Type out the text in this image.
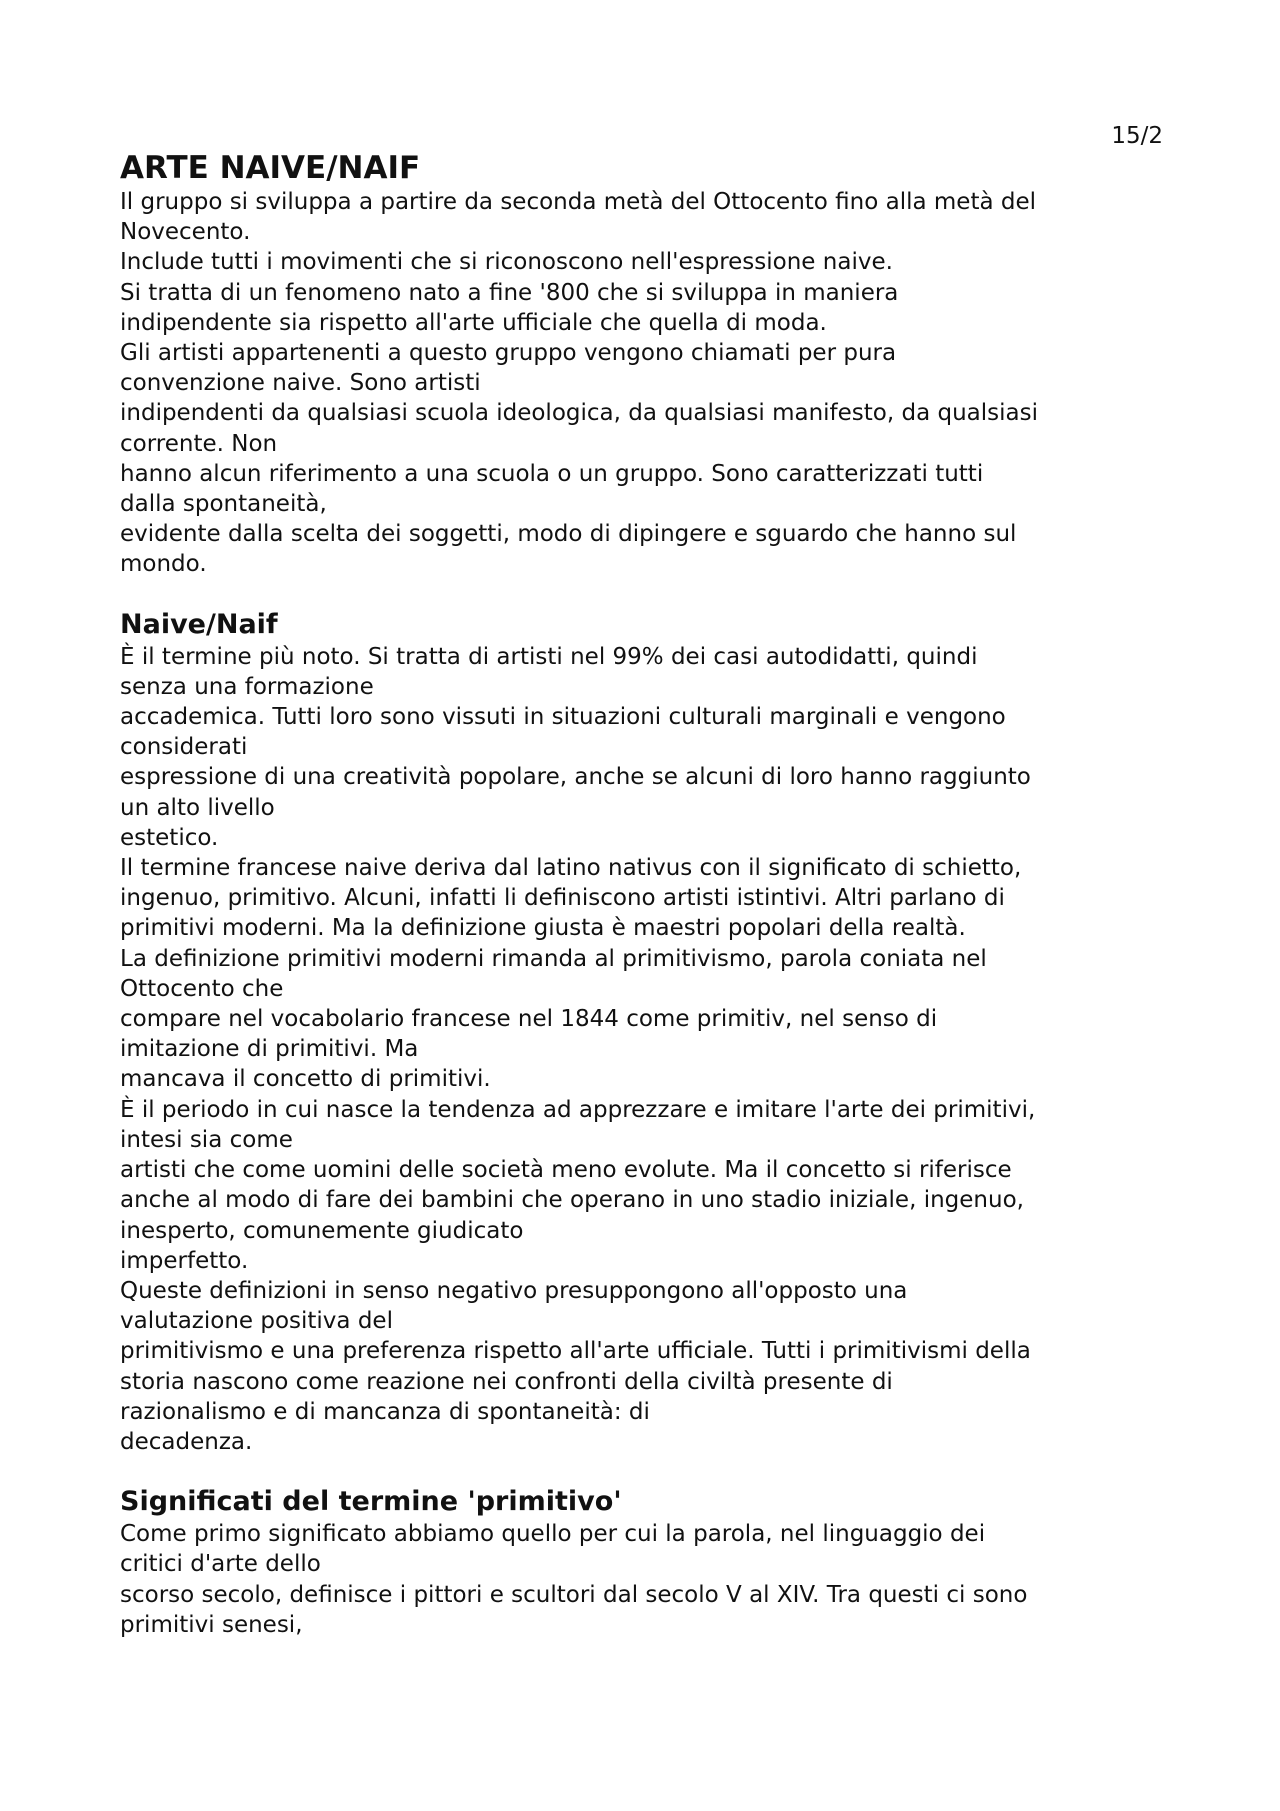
15/2

ARTE NAIVE/NAIF
Il gruppo si sviluppa a partire da seconda metà del Ottocento fino alla metà del
Novecento.
Include tutti i movimenti che si riconoscono nell'espressione naive.
Si tratta di un fenomeno nato a fine '800 che si sviluppa in maniera
indipendente sia rispetto all'arte ufficiale che quella di moda.
Gli artisti appartenenti a questo gruppo vengono chiamati per pura
convenzione naive. Sono artisti
indipendenti da qualsiasi scuola ideologica, da qualsiasi manifesto, da qualsiasi
corrente. Non
hanno alcun riferimento a una scuola o un gruppo. Sono caratterizzati tutti
dalla spontaneità,
evidente dalla scelta dei soggetti, modo di dipingere e sguardo che hanno sul
mondo.
Naive/Naif
È il termine più noto. Si tratta di artisti nel 99% dei casi autodidatti, quindi
senza una formazione
accademica. Tutti loro sono vissuti in situazioni culturali marginali e vengono
considerati
espressione di una creatività popolare, anche se alcuni di loro hanno raggiunto
un alto livello
estetico.
Il termine francese naive deriva dal latino nativus con il significato di schietto,
ingenuo, primitivo. Alcuni, infatti li definiscono artisti istintivi. Altri parlano di
primitivi moderni. Ma la definizione giusta è maestri popolari della realtà.
La definizione primitivi moderni rimanda al primitivismo, parola coniata nel
Ottocento che
compare nel vocabolario francese nel 1844 come primitiv, nel senso di
imitazione di primitivi. Ma
mancava il concetto di primitivi.
È il periodo in cui nasce la tendenza ad apprezzare e imitare l'arte dei primitivi,
intesi sia come
artisti che come uomini delle società meno evolute. Ma il concetto si riferisce
anche al modo di fare dei bambini che operano in uno stadio iniziale, ingenuo,
inesperto, comunemente giudicato
imperfetto.
Queste definizioni in senso negativo presuppongono all'opposto una
valutazione positiva del
primitivismo e una preferenza rispetto all'arte ufficiale. Tutti i primitivismi della
storia nascono come reazione nei confronti della civiltà presente di
razionalismo e di mancanza di spontaneità: di
decadenza.
Significati del termine 'primitivo'
Come primo significato abbiamo quello per cui la parola, nel linguaggio dei
critici d'arte dello
scorso secolo, definisce i pittori e scultori dal secolo V al XIV. Tra questi ci sono
primitivi senesi,
